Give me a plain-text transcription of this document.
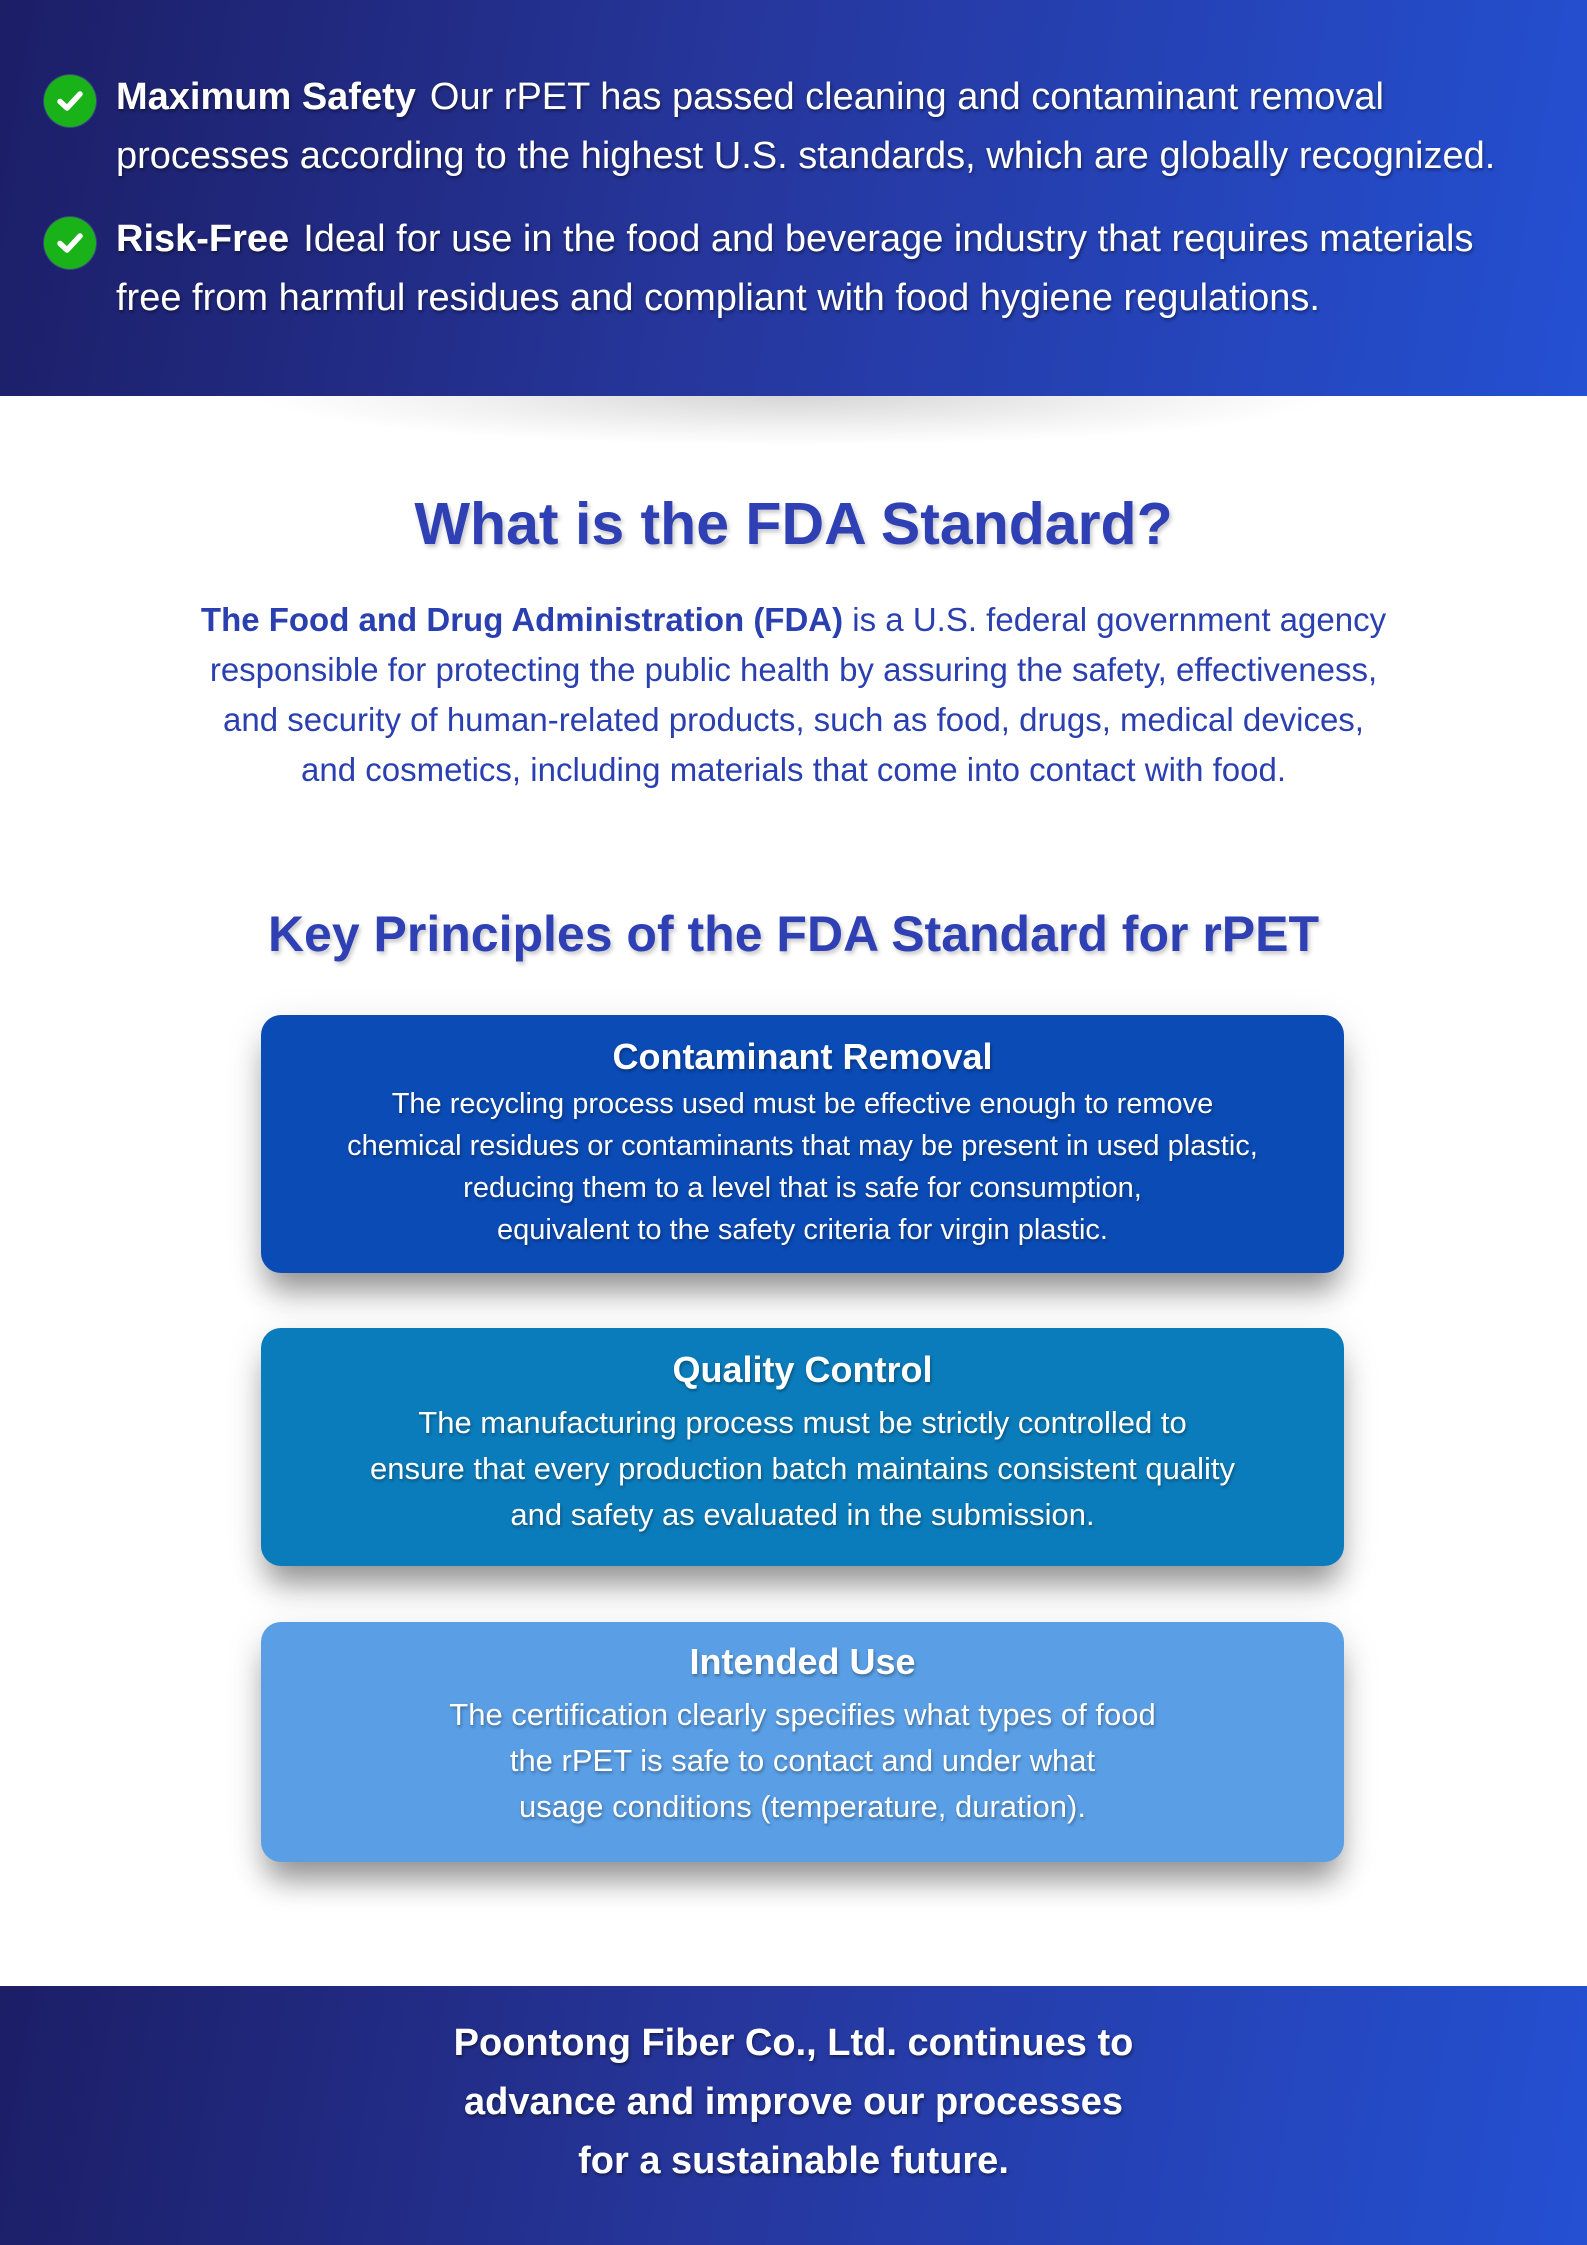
Maximum Safety Our rPET has passed cleaning and contaminant removal
processes according to the highest U.S. standards, which are globally recognized.
Risk-Free Ideal for use in the food and beverage industry that requires materials
free from harmful residues and compliant with food hygiene regulations.
What is the FDA Standard?
The Food and Drug Administration (FDA) is a U.S. federal government agency
responsible for protecting the public health by assuring the safety, effectiveness,
and security of human-related products, such as food, drugs, medical devices,
and cosmetics, including materials that come into contact with food.
Key Principles of the FDA Standard for rPET
Contaminant Removal
The recycling process used must be effective enough to remove
chemical residues or contaminants that may be present in used plastic,
reducing them to a level that is safe for consumption,
equivalent to the safety criteria for virgin plastic.
Quality Control
The manufacturing process must be strictly controlled to
ensure that every production batch maintains consistent quality
and safety as evaluated in the submission.
Intended Use
The certification clearly specifies what types of food
the rPET is safe to contact and under what
usage conditions (temperature, duration).
Poontong Fiber Co., Ltd. continues to
advance and improve our processes
for a sustainable future.
